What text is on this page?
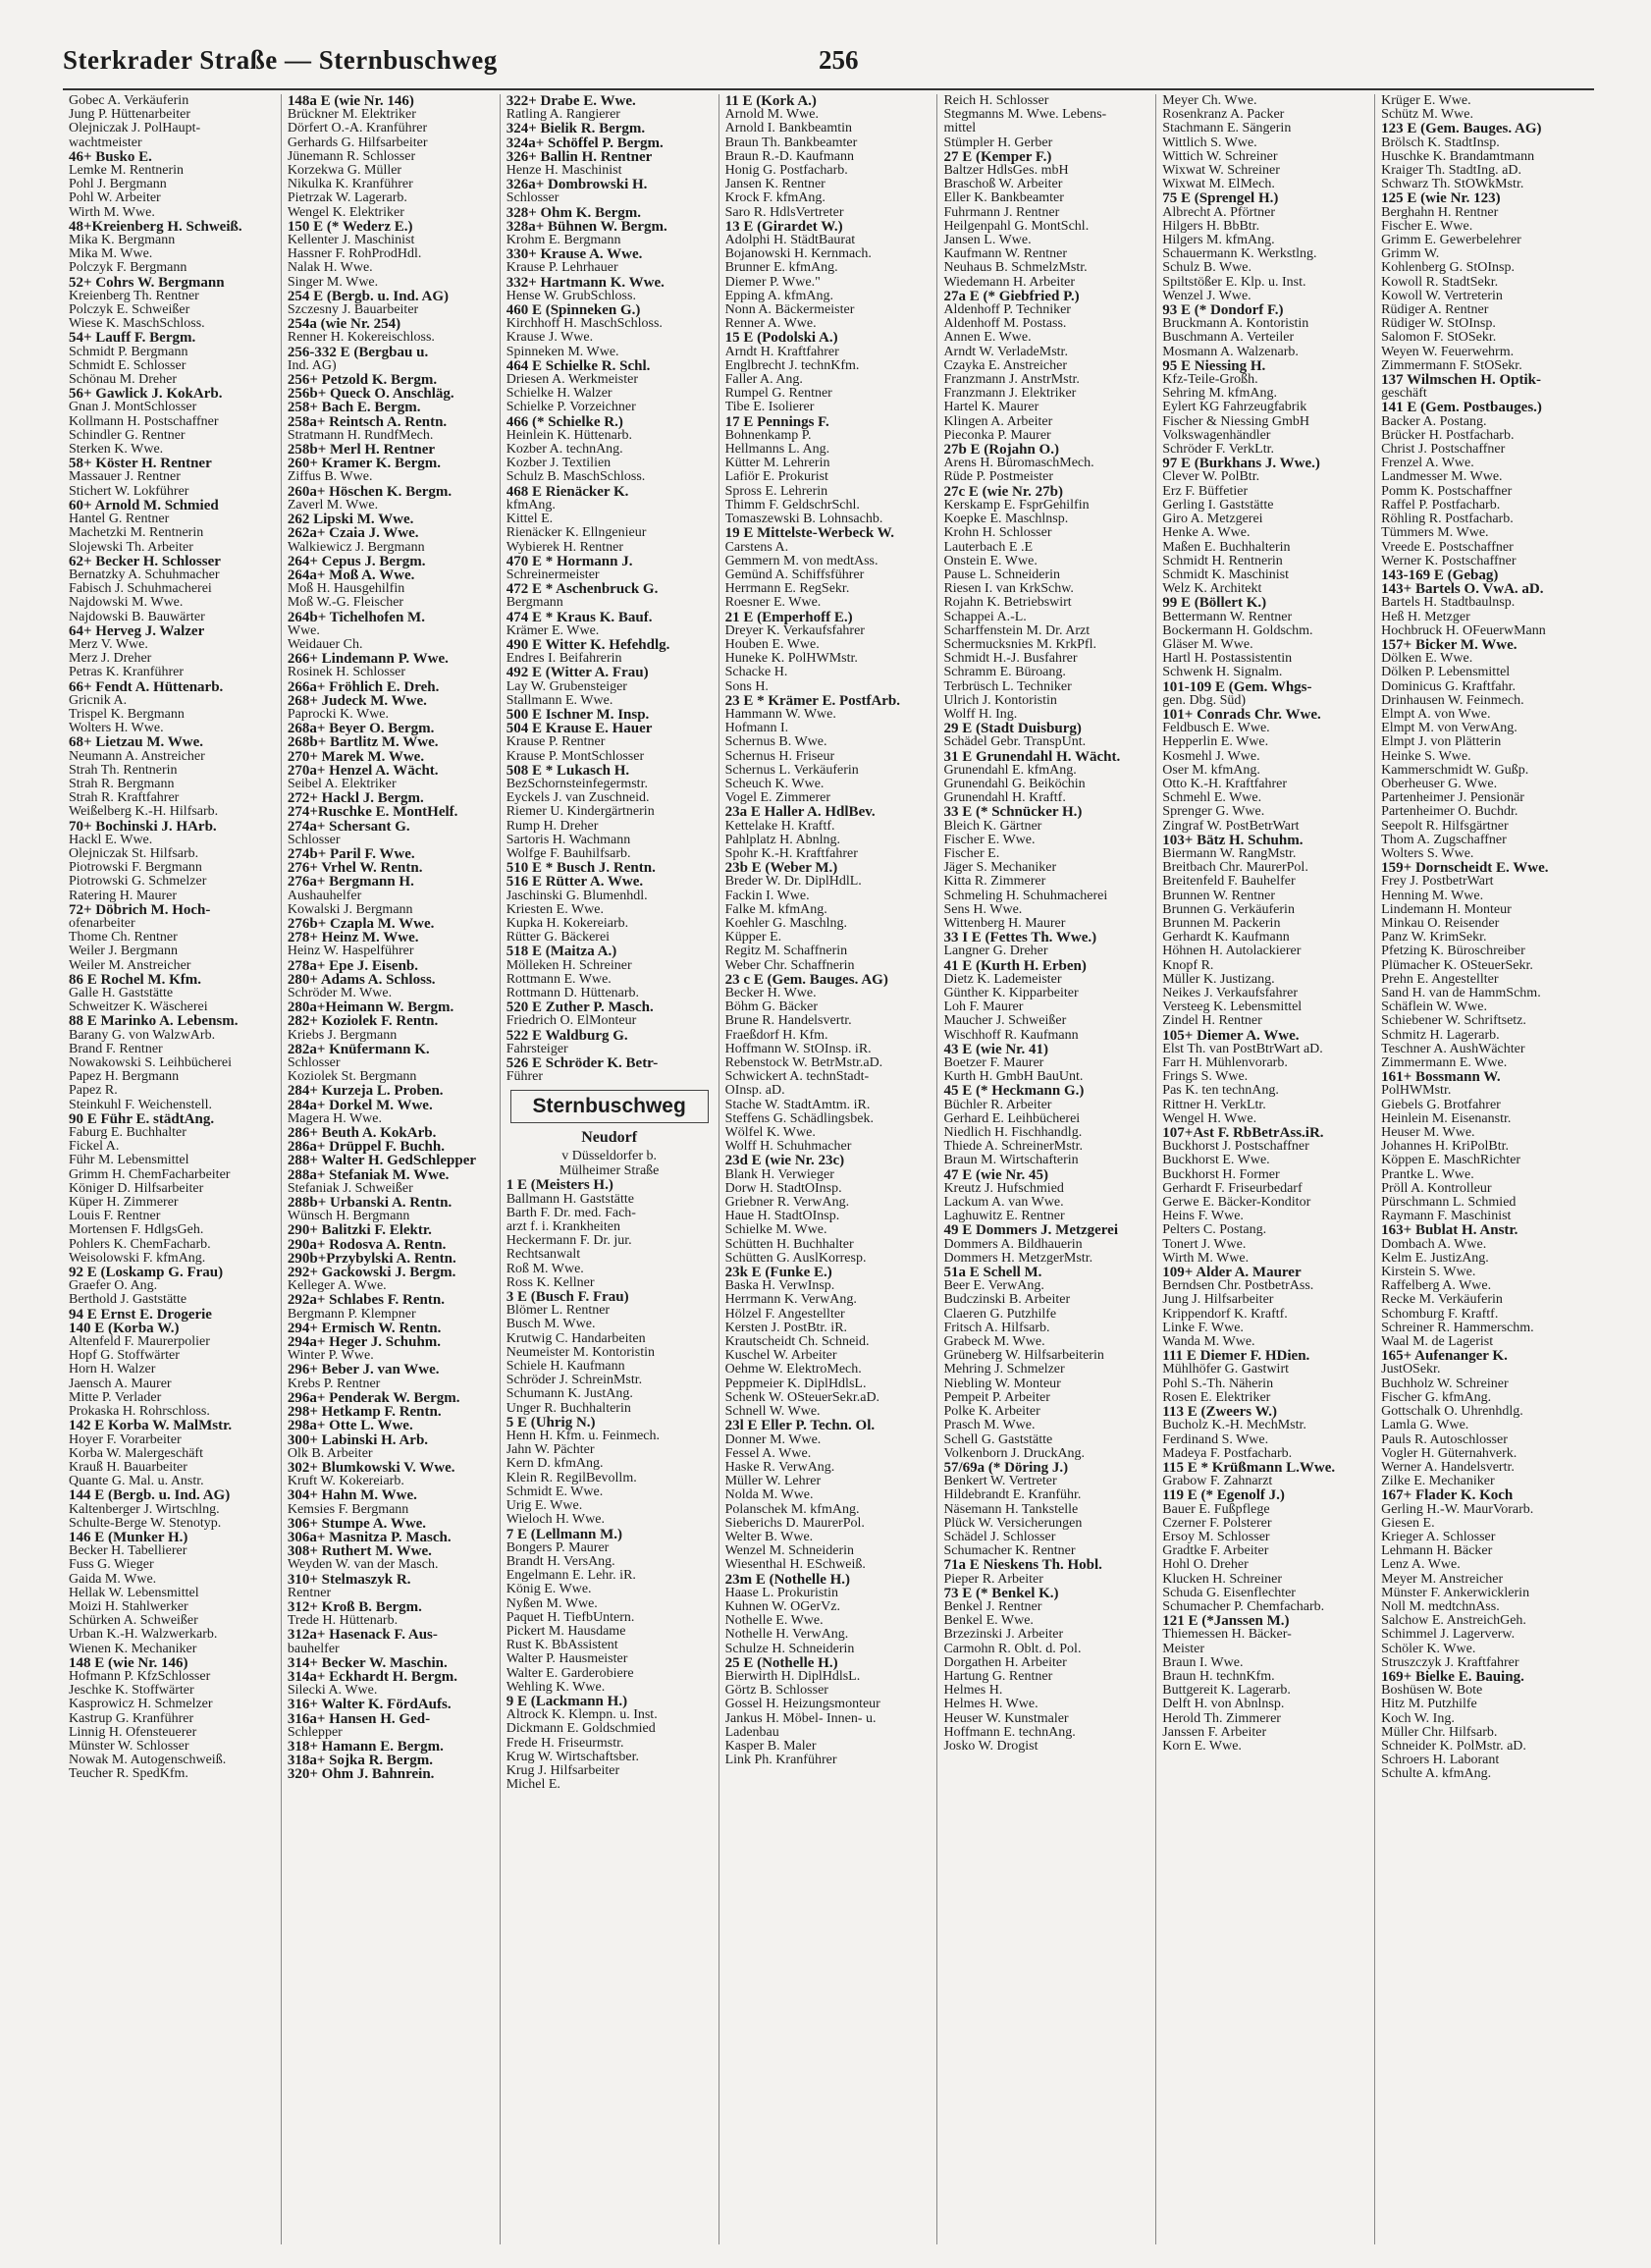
Sterkrader Straße — Sternbuschweg	256
Gobec A. Verkäuferin
Jung P. Hüttenarbeiter
Olejniczak J. PolHaupt-
wachtmeister
46+ Busko E.
Lemke M. Rentnerin
Pohl J. Bergmann
Pohl W. Arbeiter
Wirth M. Wwe.
48+Kreienberg H. Schweiß.
Mika K. Bergmann
Mika M. Wwe.
Polczyk F. Bergmann
52+ Cohrs W. Bergmann
Kreienberg Th. Rentner
Polczyk E. Schweißer
Wiese K. MaschSchloss.
54+ Lauff F. Bergm.
Schmidt P. Bergmann
Schmidt E. Schlosser
Schönau M. Dreher
56+ Gawlick J. KokArb.
Gnan J. MontSchlosser
Kollmann H. Postschaffner
Schindler G. Rentner
Sterken K. Wwe.
58+ Köster H. Rentner
Massauer J. Rentner
Stichert W. Lokführer
60+ Arnold M. Schmied
Hantel G. Rentner
Machetzki M. Rentnerin
Slojewski Th. Arbeiter
62+ Becker H. Schlosser
Bernatzky A. Schuhmacher
Fabisch J. Schuhmacherei
Najdowski M. Wwe.
Najdowski B. Bauwärter
64+ Herveg J. Walzer
Merz V. Wwe.
Merz J. Dreher
Petras K. Kranführer
66+ Fendt A. Hüttenarb.
Gricnik A.
Trispel K. Bergmann
Wolters H. Wwe.
68+ Lietzau M. Wwe.
Neumann A. Anstreicher
Strah Th. Rentnerin
Strah R. Bergmann
Strah R. Kraftfahrer
Weißelberg K.-H. Hilfsarb.
70+ Bochinski J. HArb.
Hackl E. Wwe.
Olejniczak St. Hilfsarb.
Piotrowski F. Bergmann
Piotrowski G. Schmelzer
Ratering H. Maurer
72+ Döbrich M. Hoch-
ofenarbeiter
Thome Ch. Rentner
Weiler J. Bergmann
Weiler M. Anstreicher
86 E Rochel M. Kfm.
Galle H. Gaststätte
Schweitzer K. Wäscherei
88 E Marinko A. Lebensm.
Barany G. von WalzwArb.
Brand F. Rentner
Nowakowski S. Leihbücherei
Papez H. Bergmann
Papez R.
Steinkuhl F. Weichenstell.
90 E Führ E. städtAng.
Faburg E. Buchhalter
Fickel A.
Führ M. Lebensmittel
Grimm H. ChemFacharbeiter
Königer D. Hilfsarbeiter
Küper H. Zimmerer
Louis F. Rentner
Mortensen F. HdlgsGeh.
Pohlers K. ChemFacharb.
Weisolowski F. kfmAng.
92 E (Loskamp G. Frau)
Graefer O. Ang.
Berthold J. Gaststätte
94 E Ernst E. Drogerie
140 E (Korba W.)
Altenfeld F. Maurerpolier
Hopf G. Stoffwärter
Horn H. Walzer
Jaensch A. Maurer
Mitte P. Verlader
Prokaska H. Rohrschloss.
142 E Korba W. MalMstr.
Hoyer F. Vorarbeiter
Korba W. Malergeschäft
Krauß H. Bauarbeiter
Quante G. Mal. u. Anstr.
144 E (Bergb. u. Ind. AG)
Kaltenberger J. Wirtschlng.
Schulte-Berge W. Stenotyp.
146 E (Munker H.)
Becker H. Tabellierer
Fuss G. Wieger
Gaida M. Wwe.
Hellak W. Lebensmittel
Moizi H. Stahlwerker
Schürken A. Schweißer
Urban K.-H. Walzwerkarb.
Wienen K. Mechaniker
148 E (wie Nr. 146)
Hofmann P. KfzSchlosser
Jeschke K. Stoffwärter
Kasprowicz H. Schmelzer
Kastrup G. Kranführer
Linnig H. Ofensteuerer
Münster W. Schlosser
Nowak M. Autogenschweiß.
Teucher R. SpedKfm.
148a E (wie Nr. 146)
Brückner M. Elektriker
Dörfert O.-A. Kranführer
Gerhards G. Hilfsarbeiter
Jünemann R. Schlosser
Korzekwa G. Müller
Nikulka K. Kranführer
Pietrzak W. Lagerarb.
Wengel K. Elektriker
150 E (* Wederz E.)
Kellenter J. Maschinist
Hassner F. RohProdHdl.
Nalak H. Wwe.
Singer M. Wwe.
254 E (Bergb. u. Ind. AG)
Szczesny J. Bauarbeiter
254a (wie Nr. 254)
Renner H. Kokereischloss.
256-332 E (Bergbau u.
Ind. AG)
256+ Petzold K. Bergm.
256b+ Queck O. Anschläg.
258+ Bach E. Bergm.
258a+ Reintsch A. Rentn.
Stratmann H. RundfMech.
258b+ Merl H. Rentner
260+ Kramer K. Bergm.
Ziffus B. Wwe.
260a+ Höschen K. Bergm.
Zaverl M. Wwe.
262 Lipski M. Wwe.
262a+ Czaia J. Wwe.
Walkiewicz J. Bergmann
264+ Cepus J. Bergm.
264a+ Moß A. Wwe.
Moß H. Hausgehilfin
Moß W.-G. Fleischer
264b+ Tichelhofen M.
Wwe.
Weidauer Ch.
266+ Lindemann P. Wwe.
Rosinek H. Schlosser
266a+ Fröhlich E. Dreh.
268+ Judeck M. Wwe.
Paprocki K. Wwe.
268a+ Beyer O. Bergm.
268b+ Bartlitz M. Wwe.
270+ Marek M. Wwe.
270a+ Henzel A. Wächt.
Seibel A. Elektriker
272+ Hackl J. Bergm.
274+Ruschke E. MontHelf.
274a+ Schersant G.
Schlosser
274b+ Paril F. Wwe.
276+ Vrhel W. Rentn.
276a+ Bergmann H.
Aushauhelfer
Kowalski J. Bergmann
276b+ Czapla M. Wwe.
278+ Heinz M. Wwe.
Heinz W. Haspelführer
278a+ Epe J. Eisenb.
280+ Adams A. Schloss.
Schröder M. Wwe.
280a+Heimann W. Bergm.
282+ Koziolek F. Rentn.
Kriebs J. Bergmann
282a+ Knüfermann K.
Schlosser
Koziolek St. Bergmann
284+ Kurzeja L. Proben.
284a+ Dorkel M. Wwe.
Magera H. Wwe.
286+ Beuth A. KokArb.
286a+ Drüppel F. Buchh.
288+ Walter H. GedSchlepper
288a+ Stefaniak M. Wwe.
Stefaniak J. Schweißer
288b+ Urbanski A. Rentn.
Wünsch H. Bergmann
290+ Balitzki F. Elektr.
290a+ Rodosva A. Rentn.
290b+Przybylski A. Rentn.
292+ Gackowski J. Bergm.
Kelleger A. Wwe.
292a+ Schlabes F. Rentn.
Bergmann P. Klempner
294+ Ermisch W. Rentn.
294a+ Heger J. Schuhm.
Winter P. Wwe.
296+ Beber J. van Wwe.
Krebs P. Rentner
296a+ Penderak W. Bergm.
298+ Hetkamp F. Rentn.
298a+ Otte L. Wwe.
300+ Labinski H. Arb.
Olk B. Arbeiter
302+ Blumkowski V. Wwe.
Kruft W. Kokereiarb.
304+ Hahn M. Wwe.
Kemsies F. Bergmann
306+ Stumpe A. Wwe.
306a+ Masnitza P. Masch.
308+ Ruthert M. Wwe.
Weyden W. van der Masch.
310+ Stelmaszyk R.
Rentner
312+ Kroß B. Bergm.
Trede H. Hüttenarb.
312a+ Hasenack F. Aus-
bauhelfer
314+ Becker W. Maschin.
314a+ Eckhardt H. Bergm.
Silecki A. Wwe.
316+ Walter K. FördAufs.
316a+ Hansen H. Ged-
Schlepper
318+ Hamann E. Bergm.
318a+ Sojka R. Bergm.
320+ Ohm J. Bahnrein.
322+ Drabe E. Wwe.
Ratling A. Rangierer
324+ Bielik R. Bergm.
324a+ Schöffel P. Bergm.
326+ Ballin H. Rentner
Henze H. Maschinist
326a+ Dombrowski H.
Schlosser
328+ Ohm K. Bergm.
328a+ Bühnen W. Bergm.
Krohm E. Bergmann
330+ Krause A. Wwe.
Krause P. Lehrhauer
332+ Hartmann K. Wwe.
Hense W. GrubSchloss.
460 E (Spinneken G.)
Kirchhoff H. MaschSchloss.
Krause J. Wwe.
Spinneken M. Wwe.
464 E Schielke R. Schl.
Driesen A. Werkmeister
Schielke H. Walzer
Schielke P. Vorzeichner
466 (* Schielke R.)
Heinlein K. Hüttenarb.
Kozber A. technAng.
Kozber J. Textilien
Schulz B. MaschSchloss.
468 E Rienäcker K.
kfmAng.
Kittel E.
Rienäcker K. Ellngenieur
Wybierek H. Rentner
470 E * Hormann J.
Schreinermeister
472 E * Aschenbruck G.
Bergmann
474 E * Kraus K. Bauf.
Krämer E. Wwe.
490 E Witter K. Hefehdlg.
Endres I. Beifahrerin
492 E (Witter A. Frau)
Lay W. Grubensteiger
Stallmann E. Wwe.
500 E Ischner M. Insp.
504 E Krause E. Hauer
Krause P. Rentner
Krause P. MontSchlosser
508 E * Lukasch H.
BezSchornsteinfegermstr.
Eyckels J. van Zuschneid.
Riemer U. Kindergärtnerin
Rump H. Dreher
Sartoris H. Wachmann
Wolfge F. Bauhilfsarb.
510 E * Busch J. Rentn.
516 E Rütter A. Wwe.
Jaschinski G. Blumenhdl.
Kriesten E. Wwe.
Kupka H. Kokereiarb.
Rütter G. Bäckerei
518 E (Maitza A.)
Mölleken H. Schreiner
Rottmann E. Wwe.
Rottmann D. Hüttenarb.
520 E Zuther P. Masch.
Friedrich O. ElMonteur
522 E Waldburg G.
Fahrsteiger
526 E Schröder K. Betr-
Führer
Sternbuschweg
Neudorf
v Düsseldorfer b.
Mülheimer Straße
1 E (Meisters H.)
Ballmann H. Gaststätte
Barth F. Dr. med. Fach-
arzt f. i. Krankheiten
Heckermann F. Dr. jur.
Rechtsanwalt
Roß M. Wwe.
Ross K. Kellner
3 E (Busch F. Frau)
Blömer L. Rentner
Busch M. Wwe.
Krutwig C. Handarbeiten
Neumeister M. Kontoristin
Schiele H. Kaufmann
Schröder J. SchreinMstr.
Schumann K. JustAng.
Unger R. Buchhalterin
5 E (Uhrig N.)
Henn H. Kfm. u. Feinmech.
Jahn W. Pächter
Kern D. kfmAng.
Klein R. RegilBevollm.
Schmidt E. Wwe.
Urig E. Wwe.
Wieloch H. Wwe.
7 E (Lellmann M.)
Bongers P. Maurer
Brandt H. VersAng.
Engelmann E. Lehr. iR.
König E. Wwe.
Nyßen M. Wwe.
Paquet H. TiefbUntern.
Pickert M. Hausdame
Rust K. BbAssistent
Walter P. Hausmeister
Walter E. Garderobiere
Wehling K. Wwe.
9 E (Lackmann H.)
Altrock K. Klempn. u. Inst.
Dickmann E. Goldschmied
Frede H. Friseurmstr.
Krug W. Wirtschaftsber.
Krug J. Hilfsarbeiter
Michel E.
11 E (Kork A.)
Arnold M. Wwe.
Arnold I. Bankbeamtin
Braun Th. Bankbeamter
Braun R.-D. Kaufmann
Honig G. Postfacharb.
Jansen K. Rentner
Krock F. kfmAng.
Saro R. HdlsVertreter
13 E (Girardet W.)
Adolphi H. StädtBaurat
Bojanowski H. Kernmach.
Brunner E. kfmAng.
Diemer P. Wwe."
Epping A. kfmAng.
Nonn A. Bäckermeister
Renner A. Wwe.
15 E (Podolski A.)
Arndt H. Kraftfahrer
Englbrecht J. technKfm.
Faller A. Ang.
Rumpel G. Rentner
Tibe E. Isolierer
17 E Pennings F.
Bohnenkamp P.
Hellmanns L. Ang.
Kütter M. Lehrerin
Lafiör E. Prokurist
Spross E. Lehrerin
Thimm F. GeldschrSchl.
Tomaszewski B. Lohnsachb.
19 E Mittelste-Werbeck W.
Carstens A.
Gemmern M. von medtAss.
Gemünd A. Schiffsführer
Herrmann E. RegSekr.
Roesner E. Wwe.
21 E (Emperhoff E.)
Dreyer K. Verkaufsfahrer
Houben E. Wwe.
Huneke K. PolHWMstr.
Schacke H.
Sons H.
23 E * Krämer E. PostfArb.
Hammann W. Wwe.
Hofmann I.
Schernus B. Wwe.
Schernus H. Friseur
Schernus L. Verkäuferin
Scheuch K. Wwe.
Vogel E. Zimmerer
23a E Haller A. HdlBev.
Kettelake H. Kraftf.
Pahlplatz H. Abnlng.
Spohr K.-H. Kraftfahrer
23b E (Weber M.)
Breder W. Dr. DiplHdlL.
Fackin I. Wwe.
Falke M. kfmAng.
Koehler G. Maschlng.
Küpper E.
Regitz M. Schaffnerin
Weber Chr. Schaffnerin
23 c E (Gem. Bauges. AG)
Becker H. Wwe.
Böhm G. Bäcker
Brune R. Handelsvertr.
Fraeßdorf H. Kfm.
Hoffmann W. StOInsp. iR.
Rebenstock W. BetrMstr.aD.
Schwickert A. technStadt-
OInsp. aD.
Stache W. StadtAmtm. iR.
Steffens G. Schädlingsbek.
Wölfel K. Wwe.
Wolff H. Schuhmacher
23d E (wie Nr. 23c)
Blank H. Verwieger
Dorw H. StadtOInsp.
Griebner R. VerwAng.
Haue H. StadtOInsp.
Schielke M. Wwe.
Schütten H. Buchhalter
Schütten G. AuslKorresp.
23k E (Funke E.)
Baska H. VerwInsp.
Herrmann K. VerwAng.
Hölzel F. Angestellter
Kersten J. PostBtr. iR.
Krautscheidt Ch. Schneid.
Kuschel W. Arbeiter
Oehme W. ElektroMech.
Peppmeier K. DiplHdlsL.
Schenk W. OSteuerSekr.aD.
Schnell W. Wwe.
23l E Eller P. Techn. Ol.
Donner M. Wwe.
Fessel A. Wwe.
Haske R. VerwAng.
Müller W. Lehrer
Nolda M. Wwe.
Polanschek M. kfmAng.
Sieberichs D. MaurerPol.
Welter B. Wwe.
Wenzel M. Schneiderin
Wiesenthal H. ESchweiß.
23m E (Nothelle H.)
Haase L. Prokuristin
Kuhnen W. OGerVz.
Nothelle E. Wwe.
Nothelle H. VerwAng.
Schulze H. Schneiderin
25 E (Nothelle H.)
Bierwirth H. DiplHdlsL.
Görtz B. Schlosser
Gossel H. Heizungsmonteur
Jankus H. Möbel- Innen- u.
Ladenbau
Kasper B. Maler
Link Ph. Kranführer
Reich H. Schlosser
Stegmanns M. Wwe. Lebens-
mittel
Stümpler H. Gerber
27 E (Kemper F.)
Baltzer HdlsGes. mbH
Braschoß W. Arbeiter
Eller K. Bankbeamter
Fuhrmann J. Rentner
Heilgenpahl G. MontSchl.
Jansen L. Wwe.
Kaufmann W. Rentner
Neuhaus B. SchmelzMstr.
Wiedemann H. Arbeiter
27a E (* Giebfried P.)
Aldenhoff P. Techniker
Aldenhoff M. Postass.
Annen E. Wwe.
Arndt W. VerladeMstr.
Czayka E. Anstreicher
Franzmann J. AnstrMstr.
Franzmann J. Elektriker
Hartel K. Maurer
Klingen A. Arbeiter
Pieconka P. Maurer
27b E (Rojahn O.)
Arens H. BüromaschMech.
Rüde P. Postmeister
27c E (wie Nr. 27b)
Kerskamp E. FsprGehilfin
Koepke E. Maschlnsp.
Krohn H. Schlosser
Lauterbach E .E
Onstein E. Wwe.
Pause L. Schneiderin
Riesen I. van KrkSchw.
Rojahn K. Betriebswirt
Schappei A.-L.
Scharffenstein M. Dr. Arzt
Schermucksnies M. KrkPfl.
Schmidt H.-J. Busfahrer
Schramm E. Büroang.
Terbrüsch L. Techniker
Ulrich J. Kontoristin
Wolff H. Ing.
29 E (Stadt Duisburg)
Schädel Gebr. TranspUnt.
31 E Grunendahl H. Wächt.
Grunendahl E. kfmAng.
Grunendahl G. Beiköchin
Grunendahl H. Kraftf.
33 E (* Schnücker H.)
Bleich K. Gärtner
Fischer E. Wwe.
Fischer E.
Jäger S. Mechaniker
Kitta R. Zimmerer
Schmeling H. Schuhmacherei
Sens H. Wwe.
Wittenberg H. Maurer
33 I E (Fettes Th. Wwe.)
Langner G. Dreher
41 E (Kurth H. Erben)
Dietz K. Lademeister
Günther K. Kipparbeiter
Loh F. Maurer
Maucher J. Schweißer
Wischhoff R. Kaufmann
43 E (wie Nr. 41)
Boetzer F. Maurer
Kurth H. GmbH BauUnt.
45 E (* Heckmann G.)
Büchler R. Arbeiter
Gerhard E. Leihbücherei
Niedlich H. Fischhandlg.
Thiede A. SchreinerMstr.
Braun M. Wirtschafterin
47 E (wie Nr. 45)
Kreutz J. Hufschmied
Lackum A. van Wwe.
Laghuwitz E. Rentner
49 E Dommers J. Metzgerei
Dommers A. Bildhauerin
Dommers H. MetzgerMstr.
51a E Schell M.
Beer E. VerwAng.
Budczinski B. Arbeiter
Claeren G. Putzhilfe
Fritsch A. Hilfsarb.
Grabeck M. Wwe.
Grüneberg W. Hilfsarbeiterin
Mehring J. Schmelzer
Niebling W. Monteur
Pempeit P. Arbeiter
Polke K. Arbeiter
Prasch M. Wwe.
Schell G. Gaststätte
Volkenborn J. DruckAng.
57/69a (* Döring J.)
Benkert W. Vertreter
Hildebrandt E. Kranführ.
Näsemann H. Tankstelle
Plück W. Versicherungen
Schädel J. Schlosser
Schumacher K. Rentner
71a E Nieskens Th. Hobl.
Pieper R. Arbeiter
73 E (* Benkel K.)
Benkel J. Rentner
Benkel E. Wwe.
Brzezinski J. Arbeiter
Carmohn R. Oblt. d. Pol.
Dorgathen H. Arbeiter
Hartung G. Rentner
Helmes H.
Helmes H. Wwe.
Heuser W. Kunstmaler
Hoffmann E. technAng.
Josko W. Drogist
Meyer Ch. Wwe.
Rosenkranz A. Packer
Stachmann E. Sängerin
Wittlich S. Wwe.
Wittich W. Schreiner
Wixwat W. Schreiner
Wixwat M. ElMech.
75 E (Sprengel H.)
Albrecht A. Pförtner
Hilgers H. BbBtr.
Hilgers M. kfmAng.
Schauermann K. Werkstlng.
Schulz B. Wwe.
Spiltstößer E. Klp. u. Inst.
Wenzel J. Wwe.
93 E (* Dondorf F.)
Bruckmann A. Kontoristin
Buschmann A. Verteiler
Mosmann A. Walzenarb.
95 E Niessing H.
Kfz-Teile-Großh.
Sehring M. kfmAng.
Eylert KG Fahrzeugfabrik
Fischer & Niessing GmbH
Volkswagenhändler
Schröder F. VerkLtr.
97 E (Burkhans J. Wwe.)
Clever W. PolBtr.
Erz F. Büffetier
Gerling I. Gaststätte
Giro A. Metzgerei
Henke A. Wwe.
Maßen E. Buchhalterin
Schmidt H. Rentnerin
Schmidt K. Maschinist
Welz K. Architekt
99 E (Böllert K.)
Bettermann W. Rentner
Bockermann H. Goldschm.
Gläser M. Wwe.
Hartl H. Postassistentin
Schwenk H. Signalm.
101-109 E (Gem. Whgs-
gen. Dbg. Süd)
101+ Conrads Chr. Wwe.
Feldbusch E. Wwe.
Hepperlin E. Wwe.
Kosmehl J. Wwe.
Oser M. kfmAng.
Otto K.-H. Kraftfahrer
Schmehl E. Wwe.
Sprenger G. Wwe.
Zingraf W. PostBetrWart
103+ Bätz H. Schuhm.
Biermann W. RangMstr.
Breitbach Chr. MaurerPol.
Breitenfeld F. Bauhelfer
Brunnen W. Rentner
Brunnen G. Verkäuferin
Brunnen M. Packerin
Gerhardt K. Kaufmann
Höhnen H. Autolackierer
Knopf R.
Müller K. Justizang.
Neikes J. Verkaufsfahrer
Versteeg K. Lebensmittel
Zindel H. Rentner
105+ Diemer A. Wwe.
Elst Th. van PostBtrWart aD.
Farr H. Mühlenvorarb.
Frings S. Wwe.
Pas K. ten technAng.
Rittner H. VerkLtr.
Wengel H. Wwe.
107+Ast F. RbBetrAss.iR.
Buckhorst J. Postschaffner
Buckhorst E. Wwe.
Buckhorst H. Former
Gerhardt F. Friseurbedarf
Gerwe E. Bäcker-Konditor
Heins F. Wwe.
Pelters C. Postang.
Tonert J. Wwe.
Wirth M. Wwe.
109+ Alder A. Maurer
Berndsen Chr. PostbetrAss.
Jung J. Hilfsarbeiter
Krippendorf K. Kraftf.
Linke F. Wwe.
Wanda M. Wwe.
111 E Diemer F. HDien.
Mühlhöfer G. Gastwirt
Pohl S.-Th. Näherin
Rosen E. Elektriker
113 E (Zweers W.)
Bucholz K.-H. MechMstr.
Ferdinand S. Wwe.
Madeya F. Postfacharb.
115 E * Krüßmann L.Wwe.
Grabow F. Zahnarzt
119 E (* Egenolf J.)
Bauer E. Fußpflege
Czerner F. Polsterer
Ersoy M. Schlosser
Gradtke F. Arbeiter
Hohl O. Dreher
Klucken H. Schreiner
Schuda G. Eisenflechter
Schumacher P. Chemfacharb.
121 E (*Janssen M.)
Thiemessen H. Bäcker-
Meister
Braun I. Wwe.
Braun H. technKfm.
Buttgereit K. Lagerarb.
Delft H. von Abnlnsp.
Herold Th. Zimmerer
Janssen F. Arbeiter
Korn E. Wwe.
Krüger E. Wwe.
Schütz M. Wwe.
123 E (Gem. Bauges. AG)
Brölsch K. StadtInsp.
Huschke K. Brandamtmann
Kraiger Th. StadtIng. aD.
Schwarz Th. StOWkMstr.
125 E (wie Nr. 123)
Berghahn H. Rentner
Fischer E. Wwe.
Grimm E. Gewerbelehrer
Grimm W.
Kohlenberg G. StOInsp.
Kowoll R. StadtSekr.
Kowoll W. Vertreterin
Rüdiger A. Rentner
Rüdiger W. StOInsp.
Salomon F. StOSekr.
Weyen W. Feuerwehrm.
Zimmermann F. StOSekr.
137 Wilmschen H. Optik-
geschäft
141 E (Gem. Postbauges.)
Backer A. Postang.
Brücker H. Postfacharb.
Christ J. Postschaffner
Frenzel A. Wwe.
Landmesser M. Wwe.
Pomm K. Postschaffner
Raffel P. Postfacharb.
Röhling R. Postfacharb.
Tümmers M. Wwe.
Vreede E. Postschaffner
Werner K. Postschaffner
143-169 E (Gebag)
143+ Bartels O. VwA. aD.
Bartels H. Stadtbaulnsp.
Heß H. Metzger
Hochbruck H. OFeuerwMann
157+ Bicker M. Wwe.
Dölken E. Wwe.
Dölken P. Lebensmittel
Dominicus G. Kraftfahr.
Drinhausen W. Feinmech.
Elmpt A. von Wwe.
Elmpt M. von VerwAng.
Elmpt J. von Plätterin
Heinke S. Wwe.
Kammerschmidt W. Gußp.
Oberheuser G. Wwe.
Partenheimer J. Pensionär
Partenheimer O. Buchdr.
Seepolt R. Hilfsgärtner
Thom A. Zugschaffner
Wolters S. Wwe.
159+ Dornscheidt E. Wwe.
Frey J. PostbetrWart
Henning M. Wwe.
Lindemann H. Monteur
Minkau O. Reisender
Panz W. KrimSekr.
Pfetzing K. Büroschreiber
Plümacher K. OSteuerSekr.
Prehn E. Angestellter
Sand H. van de HammSchm.
Schäflein W. Wwe.
Schiebener W. Schriftsetz.
Schmitz H. Lagerarb.
Teschner A. AushWächter
Zimmermann E. Wwe.
161+ Bossmann W.
PolHWMstr.
Giebels G. Brotfahrer
Heinlein M. Eisenanstr.
Heuser M. Wwe.
Johannes H. KriPolBtr.
Köppen E. MaschRichter
Prantke L. Wwe.
Pröll A. Kontrolleur
Pürschmann L. Schmied
Raymann F. Maschinist
163+ Bublat H. Anstr.
Dombach A. Wwe.
Kelm E. JustizAng.
Kirstein S. Wwe.
Raffelberg A. Wwe.
Recke M. Verkäuferin
Schomburg F. Kraftf.
Schreiner R. Hammerschm.
Waal M. de Lagerist
165+ Aufenanger K.
JustOSekr.
Buchholz W. Schreiner
Fischer G. kfmAng.
Gottschalk O. Uhrenhdlg.
Lamla G. Wwe.
Pauls R. Autoschlosser
Vogler H. Güternahverk.
Werner A. Handelsvertr.
Zilke E. Mechaniker
167+ Flader K. Koch
Gerling H.-W. MaurVorarb.
Giesen E.
Krieger A. Schlosser
Lehmann H. Bäcker
Lenz A. Wwe.
Meyer M. Anstreicher
Münster F. Ankerwicklerin
Noll M. medtchnAss.
Salchow E. AnstreichGeh.
Schimmel J. Lagerverw.
Schöler K. Wwe.
Struszczyk J. Kraftfahrer
169+ Bielke E. Bauing.
Boshüsen W. Bote
Hitz M. Putzhilfe
Koch W. Ing.
Müller Chr. Hilfsarb.
Schneider K. PolMstr. aD.
Schroers H. Laborant
Schulte A. kfmAng.
